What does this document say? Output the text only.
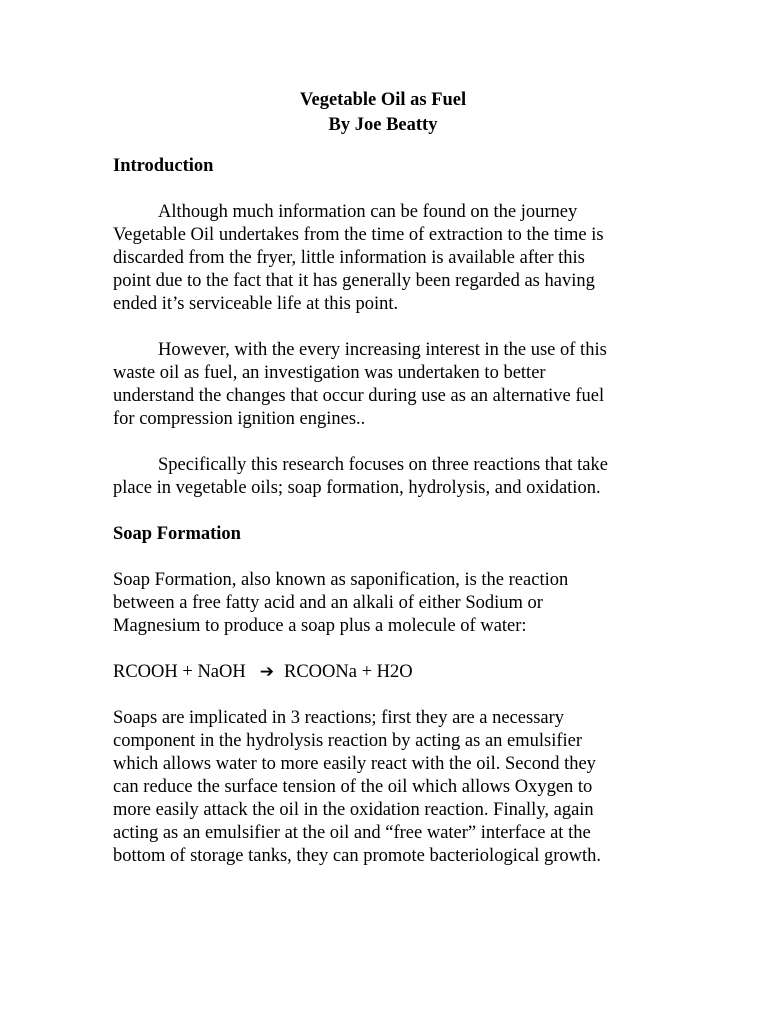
Vegetable Oil as Fuel
By Joe Beatty
Introduction
Although much information can be found on the journey
Vegetable Oil undertakes from the time of extraction to the time is
discarded from the fryer, little information is available after this
point due to the fact that it has generally been regarded as having
ended it’s serviceable life at this point.
However, with the every increasing interest in the use of this
waste oil as fuel, an investigation was undertaken to better
understand the changes that occur during use as an alternative fuel
for compression ignition engines..
Specifically this research focuses on three reactions that take
place in vegetable oils; soap formation, hydrolysis, and oxidation.
Soap Formation
Soap Formation, also known as saponification, is the reaction
between a free fatty acid and an alkali of either Sodium or
Magnesium to produce a soap plus a molecule of water:
RCOOH + NaOH ➔ RCOONa + H2O
Soaps are implicated in 3 reactions; first they are a necessary
component in the hydrolysis reaction by acting as an emulsifier
which allows water to more easily react with the oil. Second they
can reduce the surface tension of the oil which allows Oxygen to
more easily attack the oil in the oxidation reaction. Finally, again
acting as an emulsifier at the oil and “free water” interface at the
bottom of storage tanks, they can promote bacteriological growth.
